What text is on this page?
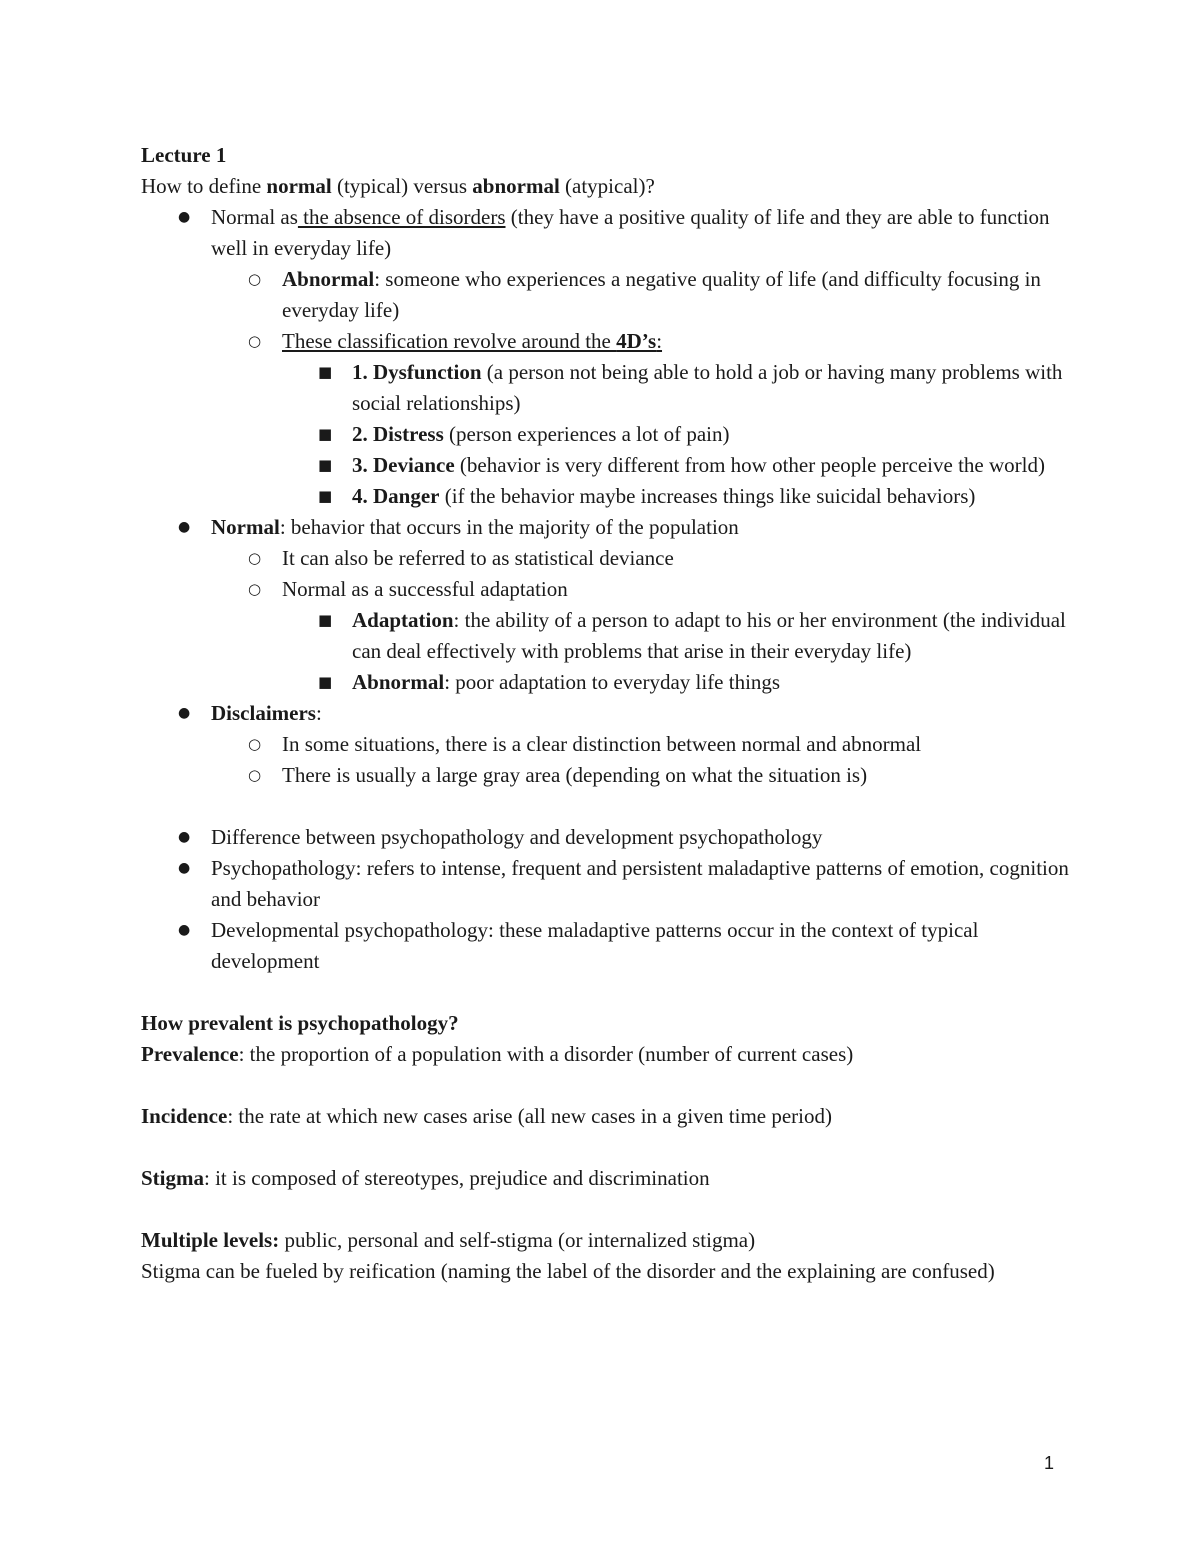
Lecture 1

How to define normal (typical) versus abnormal (atypical)?

● Normal as the absence of disorders (they have a positive quality of life and they are able to function well in everyday life)
○ Abnormal: someone who experiences a negative quality of life (and difficulty focusing in everyday life)
○ These classification revolve around the 4D’s:
■ 1. Dysfunction (a person not being able to hold a job or having many problems with social relationships)
■ 2. Distress (person experiences a lot of pain)
■ 3. Deviance (behavior is very different from how other people perceive the world)
■ 4. Danger (if the behavior maybe increases things like suicidal behaviors)
● Normal: behavior that occurs in the majority of the population
○ It can also be referred to as statistical deviance
○ Normal as a successful adaptation
■ Adaptation: the ability of a person to adapt to his or her environment (the individual can deal effectively with problems that arise in their everyday life)
■ Abnormal: poor adaptation to everyday life things
● Disclaimers:
○ In some situations, there is a clear distinction between normal and abnormal
○ There is usually a large gray area (depending on what the situation is)
● Difference between psychopathology and development psychopathology
● Psychopathology: refers to intense, frequent and persistent maladaptive patterns of emotion, cognition and behavior
● Developmental psychopathology: these maladaptive patterns occur in the context of typical development

How prevalent is psychopathology?

Prevalence: the proportion of a population with a disorder (number of current cases)

Incidence: the rate at which new cases arise (all new cases in a given time period)

Stigma: it is composed of stereotypes, prejudice and discrimination

Multiple levels: public, personal and self-stigma (or internalized stigma)

Stigma can be fueled by reification (naming the label of the disorder and the explaining are confused)

1
